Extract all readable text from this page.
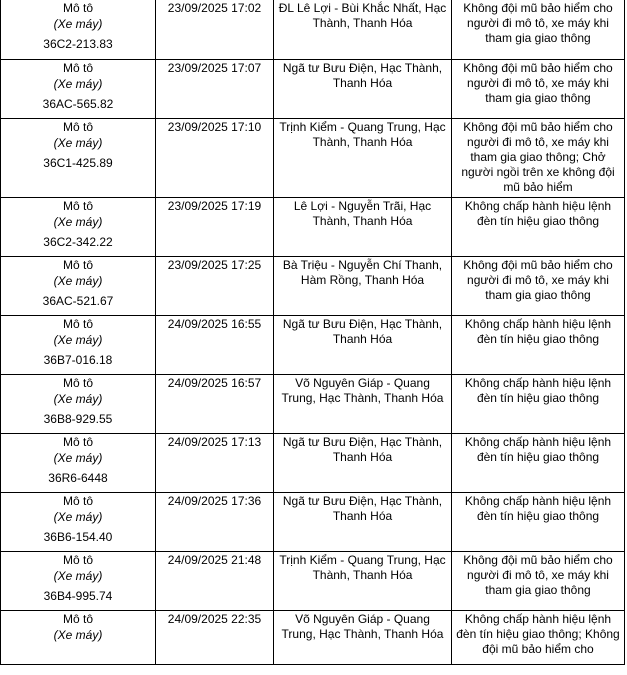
Mô tô
(Xe máy)
36C2-213.83	23/09/2025 17:02	ĐL Lê Lợi - Bùi Khắc Nhất, Hạc Thành, Thanh Hóa	Không đội mũ bảo hiểm cho người đi mô tô, xe máy khi tham gia giao thông

Mô tô
(Xe máy)
36AC-565.82	23/09/2025 17:07	Ngã tư Bưu Điện, Hạc Thành, Thanh Hóa	Không đội mũ bảo hiểm cho người đi mô tô, xe máy khi tham gia giao thông

Mô tô
(Xe máy)
36C1-425.89	23/09/2025 17:10	Trịnh Kiểm - Quang Trung, Hạc Thành, Thanh Hóa	Không đội mũ bảo hiểm cho người đi mô tô, xe máy khi tham gia giao thông; Chở người ngồi trên xe không đội mũ bảo hiểm

Mô tô
(Xe máy)
36C2-342.22	23/09/2025 17:19	Lê Lợi - Nguyễn Trãi, Hạc Thành, Thanh Hóa	Không chấp hành hiệu lệnh đèn tín hiệu giao thông

Mô tô
(Xe máy)
36AC-521.67	23/09/2025 17:25	Bà Triệu - Nguyễn Chí Thanh, Hàm Rồng, Thanh Hóa	Không đội mũ bảo hiểm cho người đi mô tô, xe máy khi tham gia giao thông

Mô tô
(Xe máy)
36B7-016.18	24/09/2025 16:55	Ngã tư Bưu Điện, Hạc Thành, Thanh Hóa	Không chấp hành hiệu lệnh đèn tín hiệu giao thông

Mô tô
(Xe máy)
36B8-929.55	24/09/2025 16:57	Võ Nguyên Giáp - Quang Trung, Hạc Thành, Thanh Hóa	Không chấp hành hiệu lệnh đèn tín hiệu giao thông

Mô tô
(Xe máy)
36R6-6448	24/09/2025 17:13	Ngã tư Bưu Điện, Hạc Thành, Thanh Hóa	Không chấp hành hiệu lệnh đèn tín hiệu giao thông

Mô tô
(Xe máy)
36B6-154.40	24/09/2025 17:36	Ngã tư Bưu Điện, Hạc Thành, Thanh Hóa	Không chấp hành hiệu lệnh đèn tín hiệu giao thông

Mô tô
(Xe máy)
36B4-995.74	24/09/2025 21:48	Trịnh Kiểm - Quang Trung, Hạc Thành, Thanh Hóa	Không đội mũ bảo hiểm cho người đi mô tô, xe máy khi tham gia giao thông

Mô tô
(Xe máy)	24/09/2025 22:35	Võ Nguyên Giáp - Quang Trung, Hạc Thành, Thanh Hóa	Không chấp hành hiệu lệnh đèn tín hiệu giao thông; Không đội mũ bảo hiểm cho
